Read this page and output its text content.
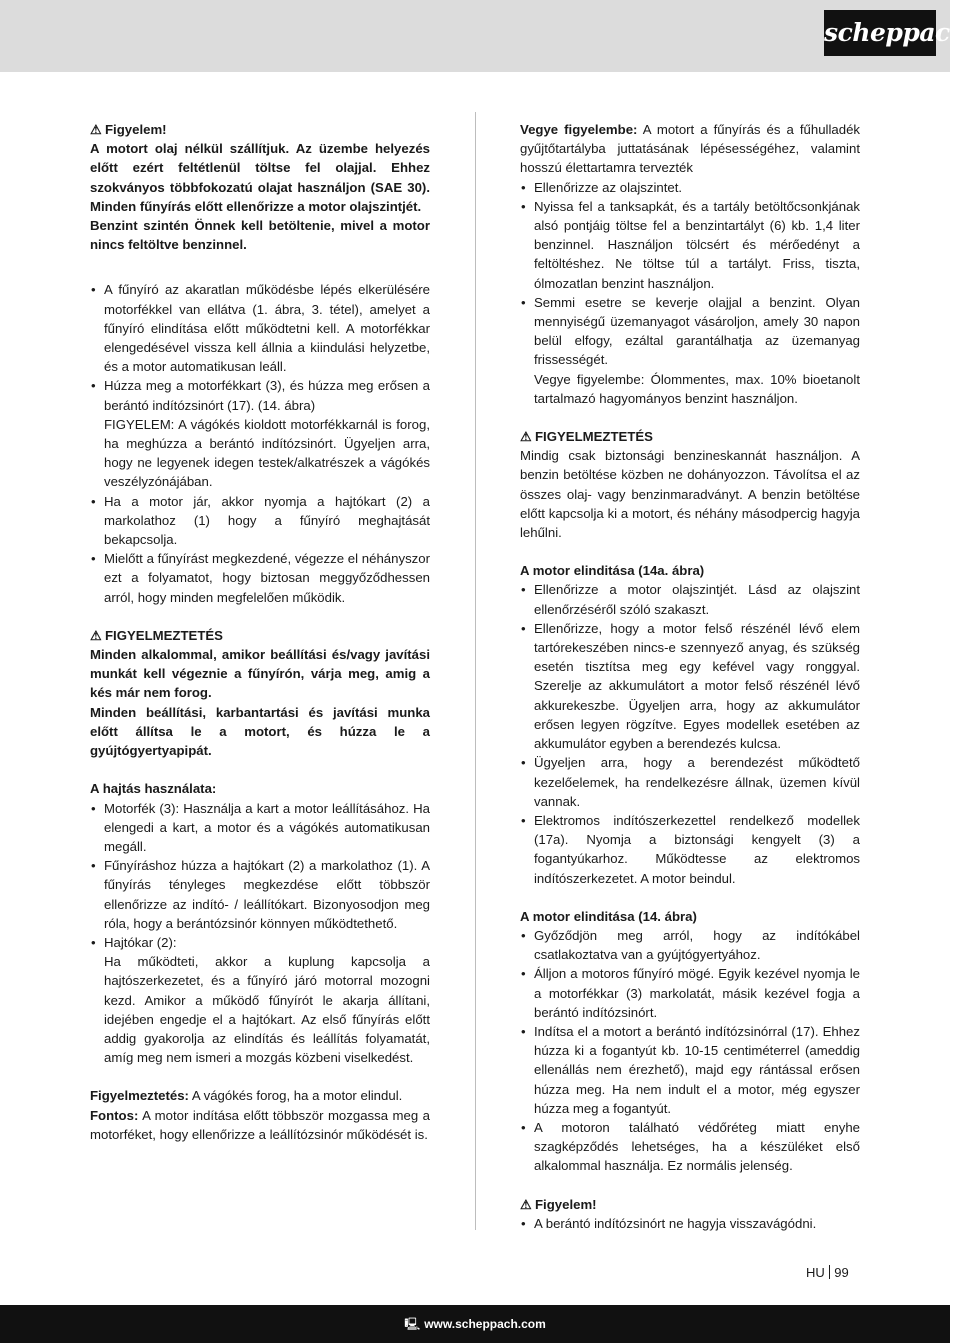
scheppach

⚠ Figyelem!

A motort olaj nélkül szállítjuk. Az üzembe helyezés előtt ezért feltétlenül töltse fel olajjal. Ehhez szokványos többfokozatú olajat használjon (SAE 30). Minden fűnyírás előtt ellenőrizze a motor olajszintjét.

Benzint szintén Önnek kell betöltenie, mivel a motor nincs feltöltve benzinnel.

• A fűnyíró az akaratlan működésbe lépés elkerülésére motorfékkel van ellátva (1. ábra, 3. tétel), amelyet a fűnyíró elindítása előtt működtetni kell. A motorfékkar elengedésével vissza kell állnia a kiindulási helyzetbe, és a motor automatikusan leáll.
• Húzza meg a motorfékkart (3), és húzza meg erősen a berántó indítózsinórt (17). (14. ábra)
FIGYELEM: A vágókés kioldott motorfékkarnál is forog, ha meghúzza a berántó indítózsinórt. Ügyeljen arra, hogy ne legyenek idegen testek/alkatrészek a vágókés veszélyzónájában.
• Ha a motor jár, akkor nyomja a hajtókart (2) a markolathoz (1) hogy a fűnyíró meghajtását bekapcsolja.
• Mielőtt a fűnyírást megkezdené, végezze el néhányszor ezt a folyamatot, hogy biztosan meggyőződhessen arról, hogy minden megfelelően működik.

⚠ FIGYELMEZTETÉS

Minden alkalommal, amikor beállítási és/vagy javítási munkát kell végeznie a fűnyírón, várja meg, amig a kés már nem forog.

Minden beállítási, karbantartási és javítási munka előtt állítsa le a motort, és húzza le a gyújtógyertyapipát.

A hajtás használata:

• Motorfék (3): Használja a kart a motor leállításához. Ha elengedi a kart, a motor és a vágókés automatikusan megáll.
• Fűnyíráshoz húzza a hajtókart (2) a markolathoz (1). A fűnyírás tényleges megkezdése előtt többször ellenőrizze az indító- / leállítókart. Bizonyosodjon meg róla, hogy a berántózsinór könnyen működtethető.
• Hajtókar (2):
Ha működteti, akkor a kuplung kapcsolja a hajtószerkezetet, és a fűnyíró járó motorral mozogni kezd. Amikor a működő fűnyírót le akarja állítani, idejében engedje el a hajtókart. Az első fűnyírás előtt addig gyakorolja az elindítás és leállítás folyamatát, amíg meg nem ismeri a mozgás közbeni viselkedést.

Figyelmeztetés: A vágókés forog, ha a motor elindul.

Fontos: A motor indítása előtt többször mozgassa meg a motorféket, hogy ellenőrizze a leállítózsinór működését is.

Vegye figyelembe: A motort a fűnyírás és a fűhulladék gyűjtőtartályba juttatásának lépésességéhez, valamint hosszú élettartamra tervezték

• Ellenőrizze az olajszintet.
• Nyissa fel a tanksapkát, és a tartály betöltőcsonkjának alsó pontjáig töltse fel a benzintartályt (6) kb. 1,4 liter benzinnel. Használjon tölcsért és mérőedényt a feltöltéshez. Ne töltse túl a tartályt. Friss, tiszta, ólmozatlan benzint használjon.
• Semmi esetre se keverje olajjal a benzint. Olyan mennyiségű üzemanyagot vásároljon, amely 30 napon belül elfogy, ezáltal garantálhatja az üzemanyag frissességét.
Vegye figyelembe: Ólommentes, max. 10% bioetanolt tartalmazó hagyományos benzint használjon.

⚠ FIGYELMEZTETÉS

Mindig csak biztonsági benzineskannát használjon. A benzin betöltése közben ne dohányozzon. Távolítsa el az összes olaj- vagy benzinmaradványt. A benzin betöltése előtt kapcsolja ki a motort, és néhány másodpercig hagyja lehűlni.

A motor elinditása (14a. ábra)

• Ellenőrizze a motor olajszintjét. Lásd az olajszint ellenőrzéséről szóló szakaszt.
• Ellenőrizze, hogy a motor felső részénél lévő elem tartórekeszében nincs-e szennyező anyag, és szükség esetén tisztítsa meg egy kefével vagy ronggyal. Szerelje az akkumulátort a motor felső részénél lévő akkurekeszbe. Ügyeljen arra, hogy az akkumulátor erősen legyen rögzítve. Egyes modellek esetében az akkumulátor egyben a berendezés kulcsa.
• Ügyeljen arra, hogy a berendezést működtető kezelőelemek, ha rendelkezésre állnak, üzemen kívül vannak.
• Elektromos indítószerkezettel rendelkező modellek (17a). Nyomja a biztonsági kengyelt (3) a fogantyúkarhoz. Működtesse az elektromos indítószerkezetet. A motor beindul.

A motor elinditása (14. ábra)

• Győződjön meg arról, hogy az indítókábel csatlakoztatva van a gyújtógyertyához.
• Álljon a motoros fűnyíró mögé. Egyik kezével nyomja le a motorfékkar (3) markolatát, másik kezével fogja a berántó indítózsinórt.
• Indítsa el a motort a berántó indítózsinórral (17). Ehhez húzza ki a fogantyút kb. 10-15 centiméterrel (ameddig ellenállás nem érezhető), majd egy rántással erősen húzza meg. Ha nem indult el a motor, még egyszer húzza meg a fogantyút.
• A motoron található védőréteg miatt enyhe szagképződés lehetséges, ha a készüléket első alkalommal használja. Ez normális jelenség.

⚠ Figyelem!

• A berántó indítózsinórt ne hagyja visszavágódni.
HU 99
🖳 www.scheppach.com
